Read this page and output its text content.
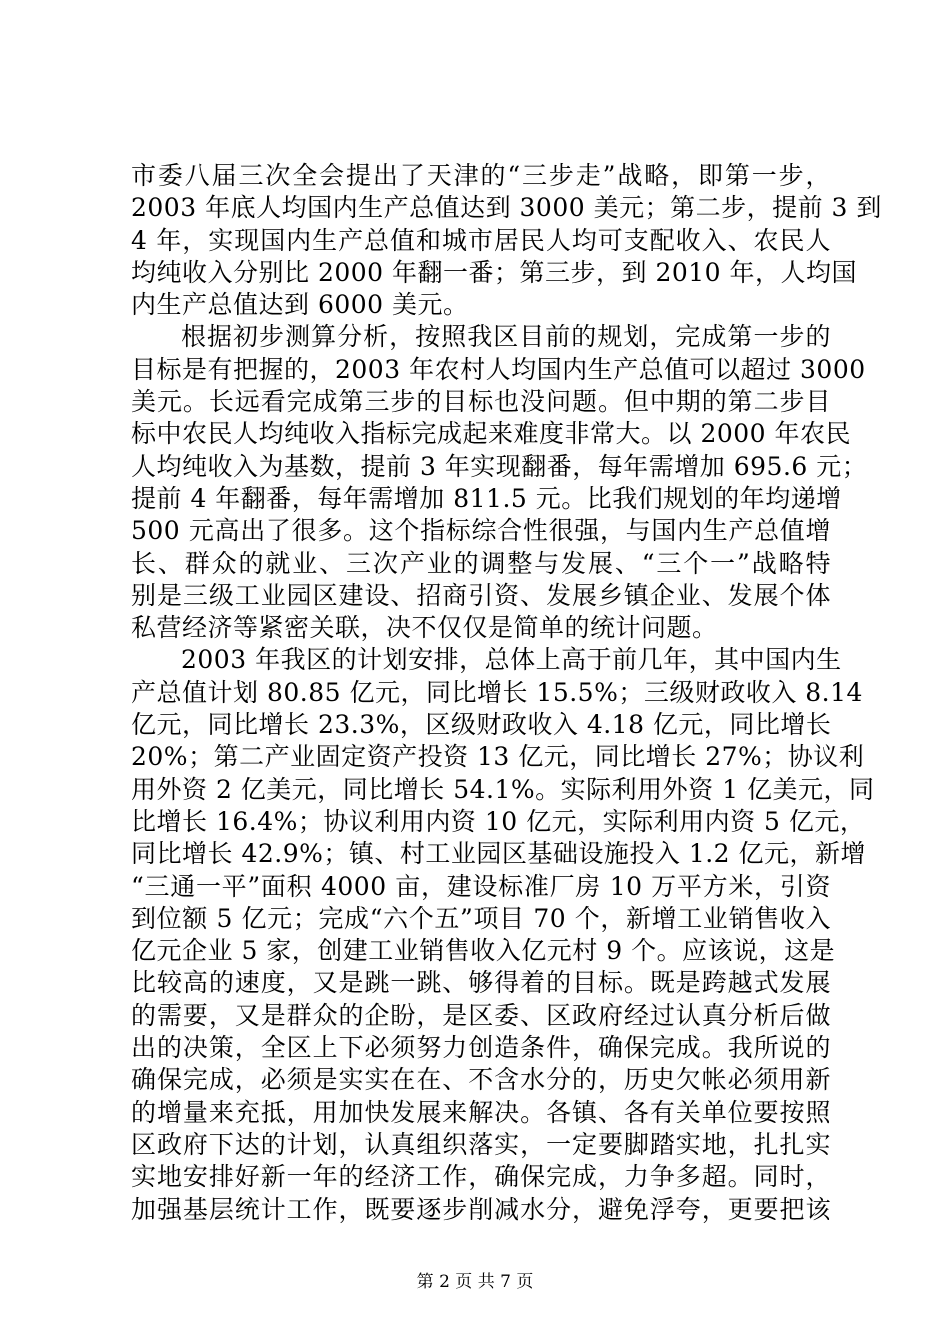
市委八届三次全会提出了天津的“三步走”战略，即第一步，
2003 年底人均国内生产总值达到 3000 美元；第二步，提前 3 到
4 年，实现国内生产总值和城市居民人均可支配收入、农民人
均纯收入分别比 2000 年翻一番；第三步，到 2010 年，人均国
内生产总值达到 6000 美元。
根据初步测算分析，按照我区目前的规划，完成第一步的
目标是有把握的，2003 年农村人均国内生产总值可以超过 3000
美元。长远看完成第三步的目标也没问题。但中期的第二步目
标中农民人均纯收入指标完成起来难度非常大。以 2000 年农民
人均纯收入为基数，提前 3 年实现翻番，每年需增加 695.6 元；
提前 4 年翻番，每年需增加 811.5 元。比我们规划的年均递增
500 元高出了很多。这个指标综合性很强，与国内生产总值增
长、群众的就业、三次产业的调整与发展、“三个一”战略特
别是三级工业园区建设、招商引资、发展乡镇企业、发展个体
私营经济等紧密关联，决不仅仅是简单的统计问题。
2003 年我区的计划安排，总体上高于前几年，其中国内生
产总值计划 80.85 亿元，同比增长 15.5%；三级财政收入 8.14
亿元，同比增长 23.3%，区级财政收入 4.18 亿元，同比增长
20%；第二产业固定资产投资 13 亿元，同比增长 27%；协议利
用外资 2 亿美元，同比增长 54.1%。实际利用外资 1 亿美元，同
比增长 16.4%；协议利用内资 10 亿元，实际利用内资 5 亿元，
同比增长 42.9%；镇、村工业园区基础设施投入 1.2 亿元，新增
“三通一平”面积 4000 亩，建设标准厂房 10 万平方米，引资
到位额 5 亿元；完成“六个五”项目 70 个，新增工业销售收入
亿元企业 5 家，创建工业销售收入亿元村 9 个。应该说，这是
比较高的速度，又是跳一跳、够得着的目标。既是跨越式发展
的需要，又是群众的企盼，是区委、区政府经过认真分析后做
出的决策，全区上下必须努力创造条件，确保完成。我所说的
确保完成，必须是实实在在、不含水分的，历史欠帐必须用新
的增量来充抵，用加快发展来解决。各镇、各有关单位要按照
区政府下达的计划，认真组织落实，一定要脚踏实地，扎扎实
实地安排好新一年的经济工作，确保完成，力争多超。同时，
加强基层统计工作，既要逐步削减水分，避免浮夸，更要把该
第 2 页 共 7 页
